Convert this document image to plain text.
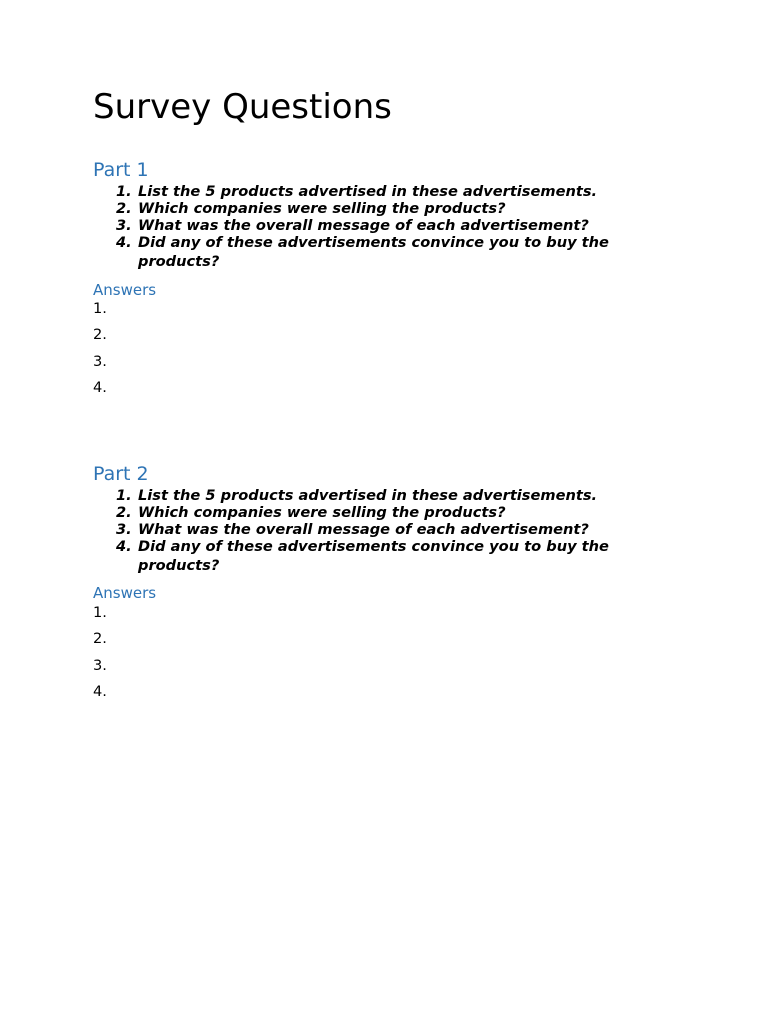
Survey Questions
Part 1
1. List the 5 products advertised in these advertisements.
2. Which companies were selling the products?
3. What was the overall message of each advertisement?
4. Did any of these advertisements convince you to buy the products?
Answers
1.
2.
3.
4.
Part 2
1. List the 5 products advertised in these advertisements.
2. Which companies were selling the products?
3. What was the overall message of each advertisement?
4. Did any of these advertisements convince you to buy the products?
Answers
1.
2.
3.
4.
